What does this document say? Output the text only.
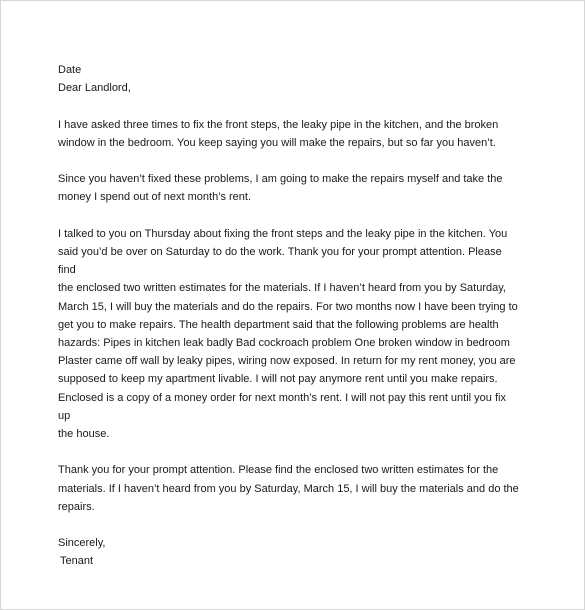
Date

Dear Landlord,

I have asked three times to fix the front steps, the leaky pipe in the kitchen, and the broken
window in the bedroom. You keep saying you will make the repairs, but so far you haven’t.

Since you haven’t fixed these problems, I am going to make the repairs myself and take the
money I spend out of next month’s rent.

I talked to you on Thursday about fixing the front steps and the leaky pipe in the kitchen. You
said you’d be over on Saturday to do the work. Thank you for your prompt attention. Please find
the enclosed two written estimates for the materials. If I haven’t heard from you by Saturday,
March 15, I will buy the materials and do the repairs. For two months now I have been trying to
get you to make repairs. The health department said that the following problems are health
hazards: Pipes in kitchen leak badly Bad cockroach problem One broken window in bedroom
Plaster came off wall by leaky pipes, wiring now exposed. In return for my rent money, you are
supposed to keep my apartment livable. I will not pay anymore rent until you make repairs.
Enclosed is a copy of a money order for next month’s rent. I will not pay this rent until you fix up
the house.

Thank you for your prompt attention. Please find the enclosed two written estimates for the
materials. If I haven’t heard from you by Saturday, March 15, I will buy the materials and do the
repairs.

Sincerely,

Tenant
